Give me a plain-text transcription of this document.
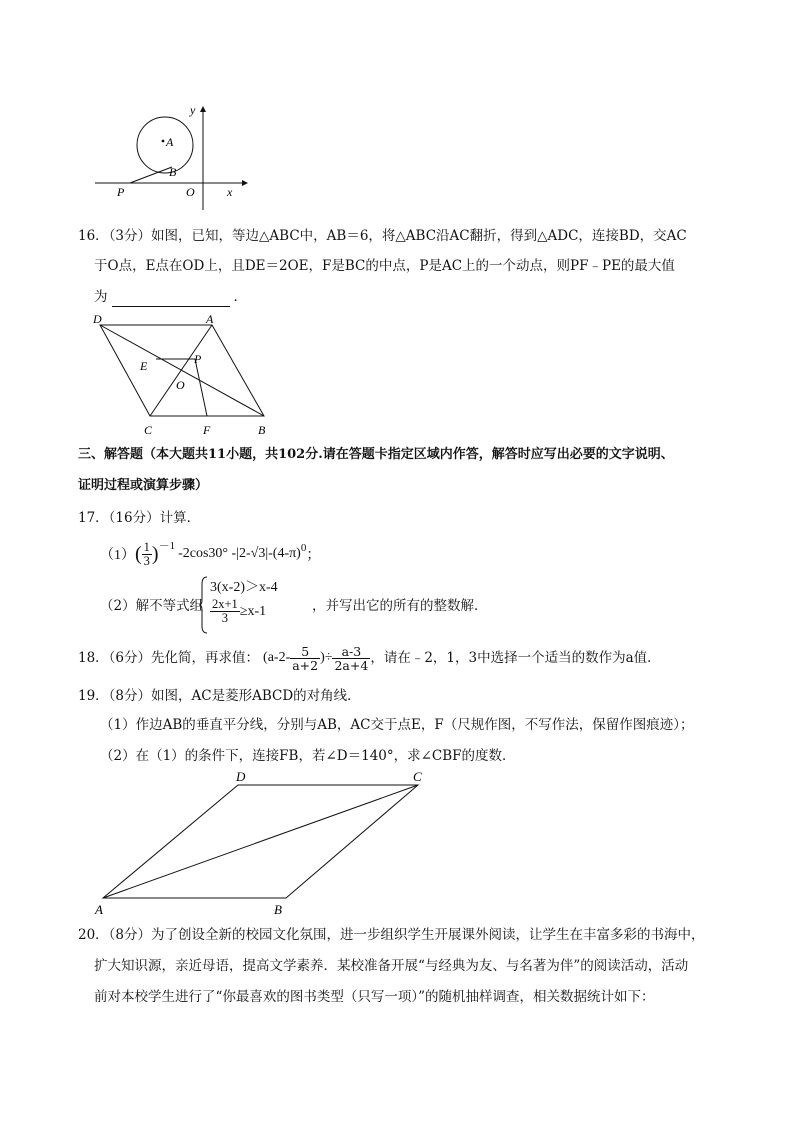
A
B
P	O	x
y
16．（3分）如图，已知，等边△ABC中，AB＝6，将△ABC沿AC翻折，得到△ADC，连接BD，交AC
于O点，E点在OD上，且DE＝2OE，F是BC的中点，P是AC上的一个动点，则PF﹣PE的最大值
为	．
D	A
E	P
O
C	F	B
三、解答题（本大题共11小题，共102分.请在答题卡指定区域内作答，解答时应写出必要的文字说明、
证明过程或演算步骤）
17．（16分）计算．
（1） ( $\frac{1}{3} )^{-1}$ -2cos30° $-|2-√3|-(4-\pi)^0$ ；
（2）解不等式组
3(x-2)＞x-4
$\frac{2x+1}{3} \ge x-1$	，并写出它的所有的整数解．
18．（6分）先化简，再求值： ($a-2- \frac{5}{a+2}$ )÷ $\frac{a-3}{2a+4}$ ，请在﹣2，1，3中选择一个适当的数作为a值．
19．（8分）如图，AC是菱形ABCD的对角线．
（1）作边AB的垂直平分线，分别与AB，AC交于点E，F（尺规作图，不写作法，保留作图痕迹）；
（2）在（1）的条件下，连接FB，若∠D＝140°，求∠CBF的度数．
D	C
A	B
20．（8分）为了创设全新的校园文化氛围，进一步组织学生开展课外阅读，让学生在丰富多彩的书海中，
扩大知识源，亲近母语，提高文学素养．某校准备开展“与经典为友、与名著为伴”的阅读活动，活动
前对本校学生进行了“你最喜欢的图书类型（只写一项）”的随机抽样调查，相关数据统计如下：
